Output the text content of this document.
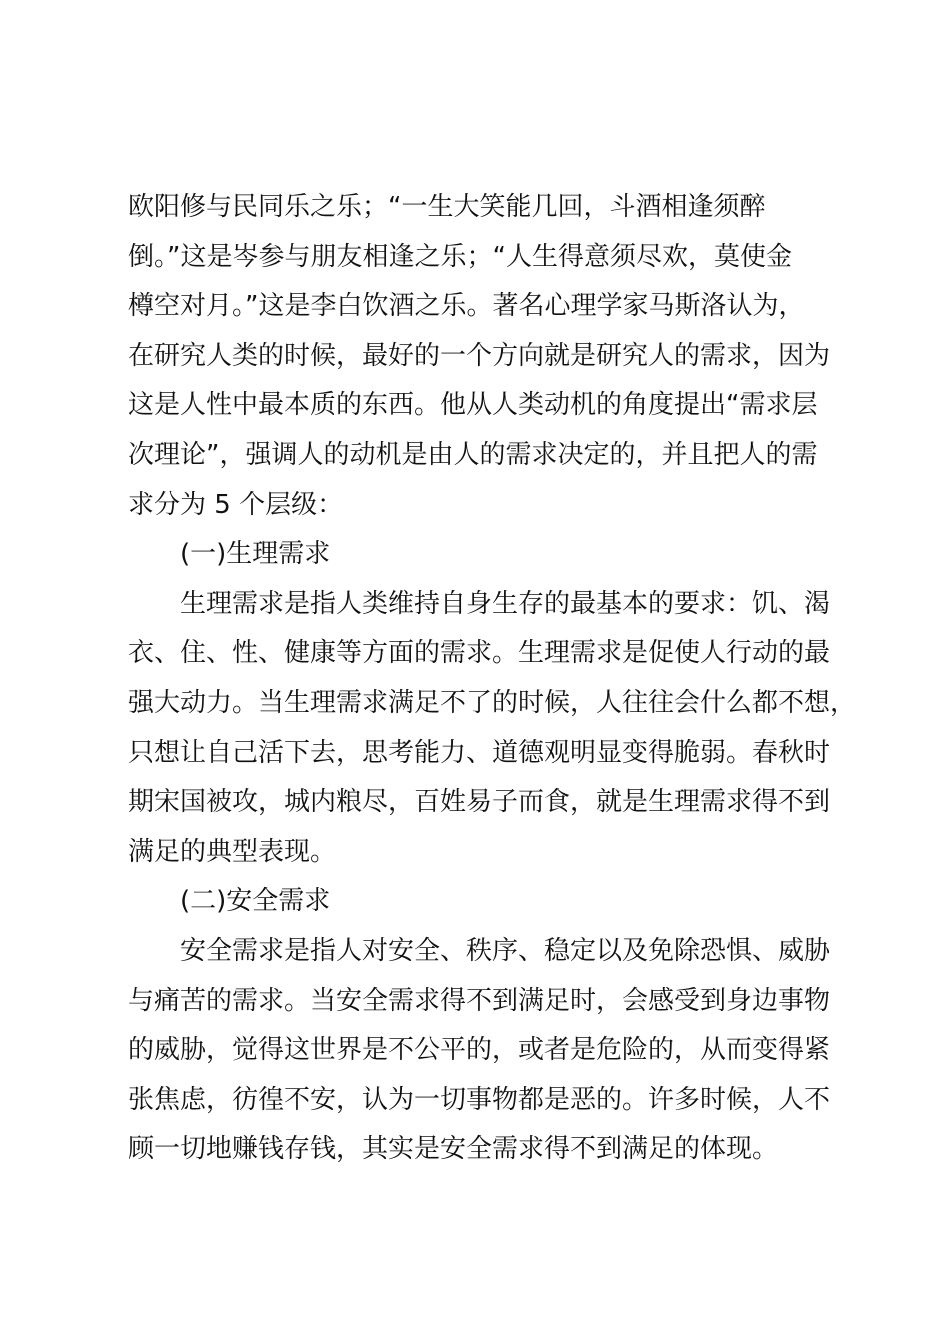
欧阳修与民同乐之乐；“一生大笑能几回，斗酒相逢须醉
倒。”这是岑参与朋友相逢之乐；“人生得意须尽欢，莫使金
樽空对月。”这是李白饮酒之乐。著名心理学家马斯洛认为，
在研究人类的时候，最好的一个方向就是研究人的需求，因为
这是人性中最本质的东西。他从人类动机的角度提出“需求层
次理论”，强调人的动机是由人的需求决定的，并且把人的需
求分为 5 个层级：

(一)生理需求

生理需求是指人类维持自身生存的最基本的要求：饥、渴
衣、住、性、健康等方面的需求。生理需求是促使人行动的最
强大动力。当生理需求满足不了的时候，人往往会什么都不想，
只想让自己活下去，思考能力、道德观明显变得脆弱。春秋时
期宋国被攻，城内粮尽，百姓易子而食，就是生理需求得不到
满足的典型表现。

(二)安全需求

安全需求是指人对安全、秩序、稳定以及免除恐惧、威胁
与痛苦的需求。当安全需求得不到满足时，会感受到身边事物
的威胁，觉得这世界是不公平的，或者是危险的，从而变得紧
张焦虑，彷徨不安，认为一切事物都是恶的。许多时候，人不
顾一切地赚钱存钱，其实是安全需求得不到满足的体现。
